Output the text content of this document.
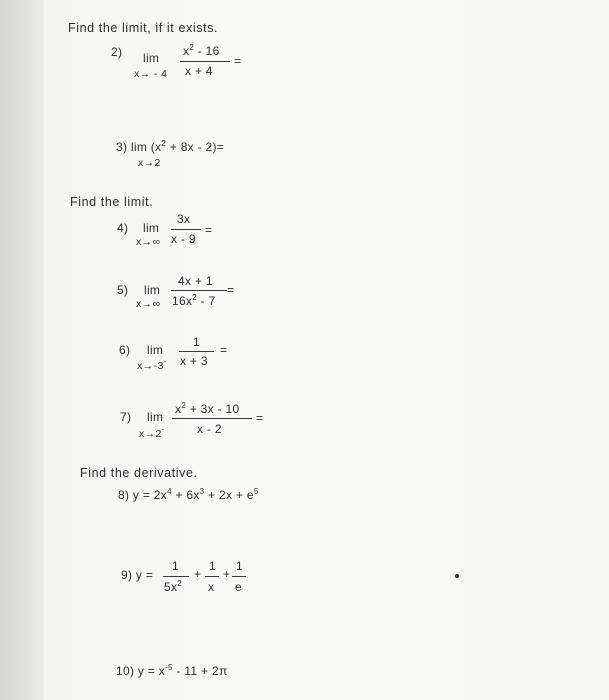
Find the limit, if it exists.
2) lim
x→ - 4
$x^2 - 16$
x + 4
=
3) $\lim (x^2 + 8x - 2)=$
x→2
Find the limit.
4) lim
x→∞
3x
x - 9
=
5) lim
x→∞
4x + 1
$16x^2 - 7$
=
6) lim
x→-3-
1
x + 3
=
7) lim
x→2-
$x^2 + 3x - 10$
x - 2
=
Find the derivative.
8) $y = 2x^4 + 6x^3 + 2x + e^5$
9) y =
1
$5x^2$
+
1
x
+
1
e
10) $y = x^{-5} - 11 + 2\pi$
